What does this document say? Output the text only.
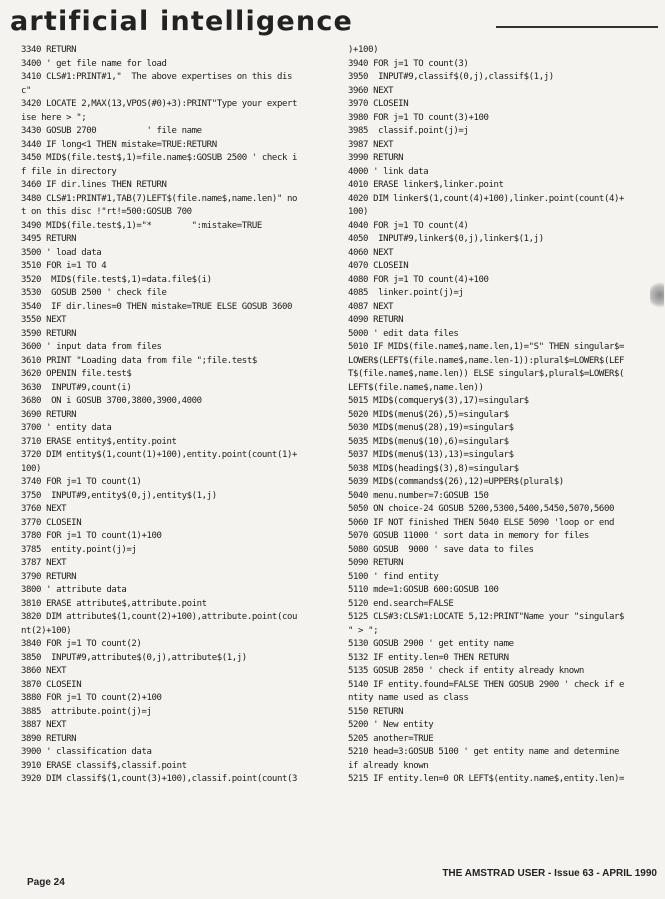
artificial intelligence
3340 RETURN
3400 ' get file name for load
3410 CLS#1:PRINT#1,"  The above expertises on this dis
c"
3420 LOCATE 2,MAX(13,VPOS(#0)+3):PRINT"Type your expert
ise here > ";
3430 GOSUB 2700          ' file name
3440 IF long<1 THEN mistake=TRUE:RETURN
3450 MID$(file.test$,1)=file.name$:GOSUB 2500 ' check i
f file in directory
3460 IF dir.lines THEN RETURN
3480 CLS#1:PRINT#1,TAB(7)LEFT$(file.name$,name.len)" no
t on this disc !"rt!=500:GOSUB 700
3490 MID$(file.test$,1)="*        ":mistake=TRUE
3495 RETURN
3500 ' load data
3510 FOR i=1 TO 4
3520  MID$(file.test$,1)=data.file$(i)
3530  GOSUB 2500 ' check file
3540  IF dir.lines=0 THEN mistake=TRUE ELSE GOSUB 3600
3550 NEXT
3590 RETURN
3600 ' input data from files
3610 PRINT "Loading data from file ";file.test$
3620 OPENIN file.test$
3630  INPUT#9,count(i)
3680  ON i GOSUB 3700,3800,3900,4000
3690 RETURN
3700 ' entity data
3710 ERASE entity$,entity.point
3720 DIM entity$(1,count(1)+100),entity.point(count(1)+
100)
3740 FOR j=1 TO count(1)
3750  INPUT#9,entity$(0,j),entity$(1,j)
3760 NEXT
3770 CLOSEIN
3780 FOR j=1 TO count(1)+100
3785  entity.point(j)=j
3787 NEXT
3790 RETURN
3800 ' attribute data
3810 ERASE attribute$,attribute.point
3820 DIM attribute$(1,count(2)+100),attribute.point(cou
nt(2)+100)
3840 FOR j=1 TO count(2)
3850  INPUT#9,attribute$(0,j),attribute$(1,j)
3860 NEXT
3870 CLOSEIN
3880 FOR j=1 TO count(2)+100
3885  attribute.point(j)=j
3887 NEXT
3890 RETURN
3900 ' classification data
3910 ERASE classif$,classif.point
3920 DIM classif$(1,count(3)+100),classif.point(count(3
)+100)
3940 FOR j=1 TO count(3)
3950  INPUT#9,classif$(0,j),classif$(1,j)
3960 NEXT
3970 CLOSEIN
3980 FOR j=1 TO count(3)+100
3985  classif.point(j)=j
3987 NEXT
3990 RETURN
4000 ' link data
4010 ERASE linker$,linker.point
4020 DIM linker$(1,count(4)+100),linker.point(count(4)+
100)
4040 FOR j=1 TO count(4)
4050  INPUT#9,linker$(0,j),linker$(1,j)
4060 NEXT
4070 CLOSEIN
4080 FOR j=1 TO count(4)+100
4085  linker.point(j)=j
4087 NEXT
4090 RETURN
5000 ' edit data files
5010 IF MID$(file.name$,name.len,1)="S" THEN singular$=
LOWER$(LEFT$(file.name$,name.len-1)):plural$=LOWER$(LEF
T$(file.name$,name.len)) ELSE singular$,plural$=LOWER$(
LEFT$(file.name$,name.len))
5015 MID$(comquery$(3),17)=singular$
5020 MID$(menu$(26),5)=singular$
5030 MID$(menu$(28),19)=singular$
5035 MID$(menu$(10),6)=singular$
5037 MID$(menu$(13),13)=singular$
5038 MID$(heading$(3),8)=singular$
5039 MID$(commands$(26),12)=UPPER$(plural$)
5040 menu.number=7:GOSUB 150
5050 ON choice-24 GOSUB 5200,5300,5400,5450,5070,5600
5060 IF NOT finished THEN 5040 ELSE 5090 'loop or end
5070 GOSUB 11000 ' sort data in memory for files
5080 GOSUB  9000 ' save data to files
5090 RETURN
5100 ' find entity
5110 mde=1:GOSUB 600:GOSUB 100
5120 end.search=FALSE
5125 CLS#3:CLS#1:LOCATE 5,12:PRINT"Name your "singular$
" > ";
5130 GOSUB 2900 ' get entity name
5132 IF entity.len=0 THEN RETURN
5135 GOSUB 2850 ' check if entity already known
5140 IF entity.found=FALSE THEN GOSUB 2900 ' check if e
ntity name used as class
5150 RETURN
5200 ' New entity
5205 another=TRUE
5210 head=3:GOSUB 5100 ' get entity name and determine
if already known
5215 IF entity.len=0 OR LEFT$(entity.name$,entity.len)=
Page 24
THE AMSTRAD USER - Issue 63 - APRIL 1990
